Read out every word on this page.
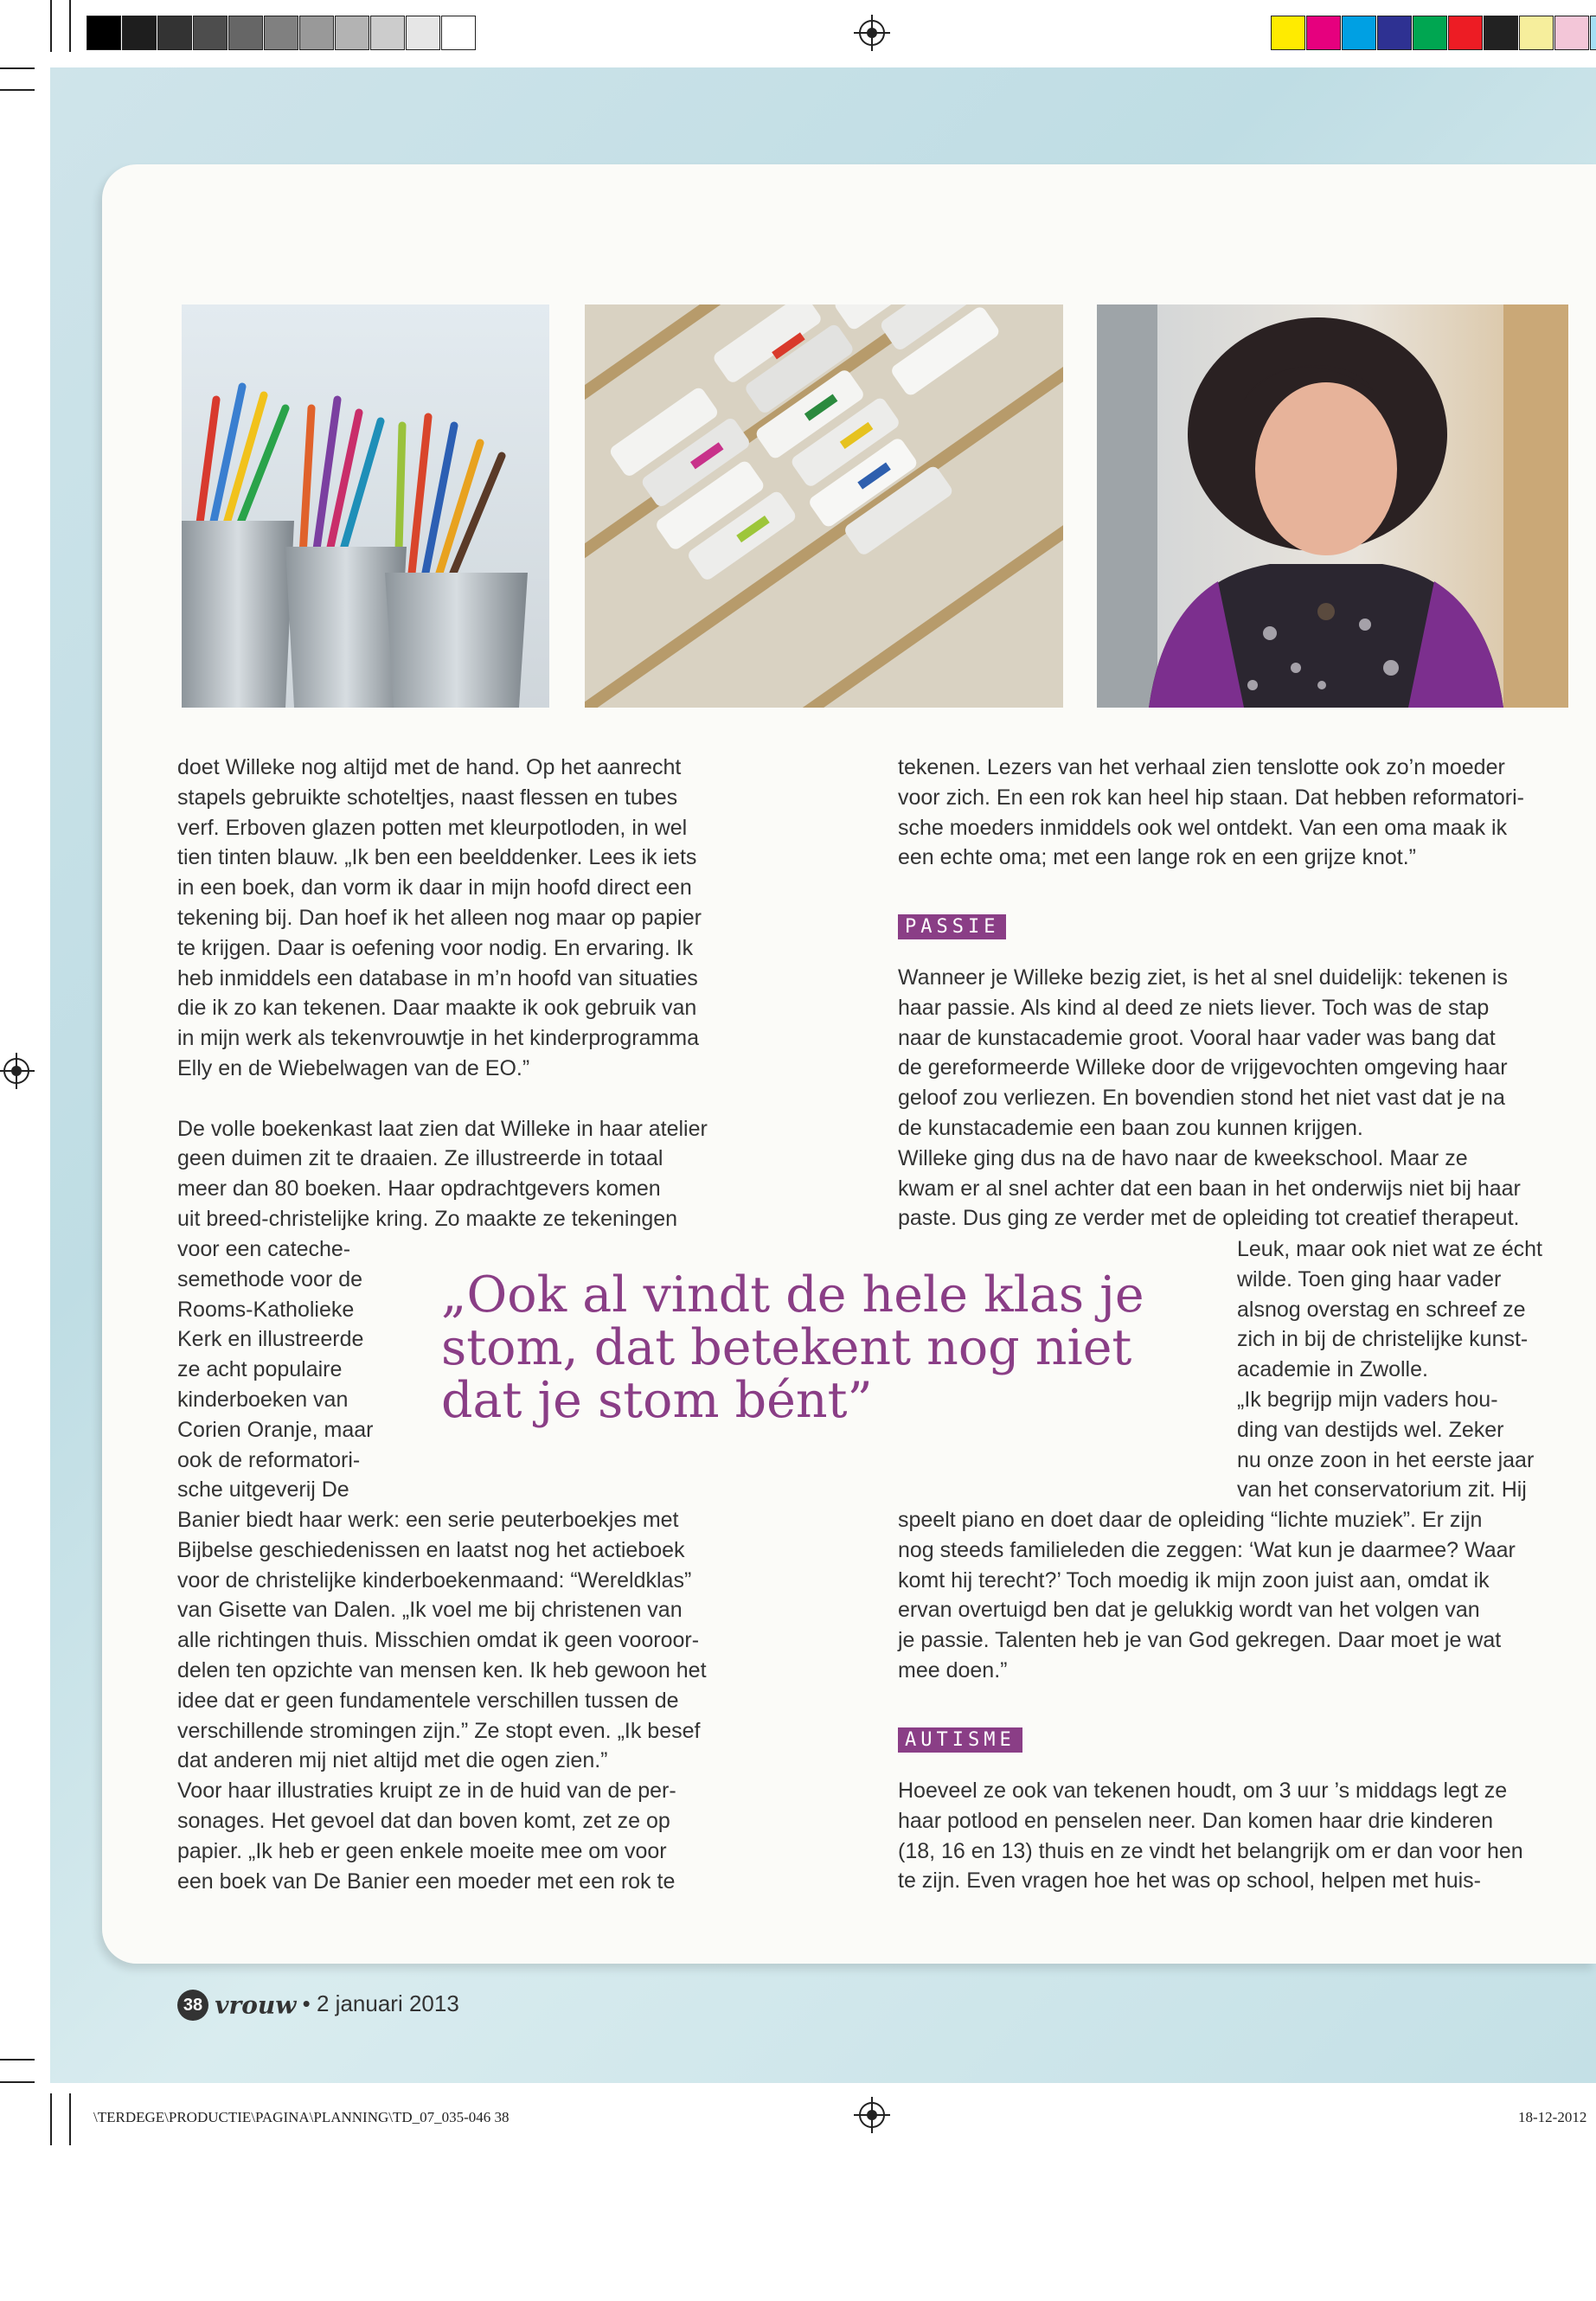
doet Willeke nog altijd met de hand. Op het aanrecht

stapels gebruikte schoteltjes, naast flessen en tubes

verf. Erboven glazen potten met kleurpotloden, in wel

tien tinten blauw. „Ik ben een beelddenker. Lees ik iets

in een boek, dan vorm ik daar in mijn hoofd direct een

tekening bij. Dan hoef ik het alleen nog maar op papier

te krijgen. Daar is oefening voor nodig. En ervaring. Ik

heb inmiddels een database in m’n hoofd van situaties

die ik zo kan tekenen. Daar maakte ik ook gebruik van

in mijn werk als tekenvrouwtje in het kinderprogramma

Elly en de Wiebelwagen van de EO.”

De volle boekenkast laat zien dat Willeke in haar atelier

geen duimen zit te draaien. Ze illustreerde in totaal

meer dan 80 boeken. Haar opdrachtgevers komen

uit breed-christelijke kring. Zo maakte ze tekeningen

voor een cateche-

semethode voor de

Rooms-Katholieke

Kerk en illustreerde

ze acht populaire

kinderboeken van

Corien Oranje, maar

ook de reformatori-

sche uitgeverij De

Banier biedt haar werk: een serie peuterboekjes met

Bijbelse geschiedenissen en laatst nog het actieboek

voor de christelijke kinderboekenmaand: “Wereldklas”

van Gisette van Dalen. „Ik voel me bij christenen van

alle richtingen thuis. Misschien omdat ik geen vooroor-

delen ten opzichte van mensen ken. Ik heb gewoon het

idee dat er geen fundamentele verschillen tussen de

verschillende stromingen zijn.” Ze stopt even. „Ik besef

dat anderen mij niet altijd met die ogen zien.”

Voor haar illustraties kruipt ze in de huid van de per-

sonages. Het gevoel dat dan boven komt, zet ze op

papier. „Ik heb er geen enkele moeite mee om voor

een boek van De Banier een moeder met een rok te

„Ook al vindt de hele klas je
stom, dat betekent nog niet
dat je stom bént”

tekenen. Lezers van het verhaal zien tenslotte ook zo’n moeder

voor zich. En een rok kan heel hip staan. Dat hebben reformatori-

sche moeders inmiddels ook wel ontdekt. Van een oma maak ik

een echte oma; met een lange rok en een grijze knot.”

PASSIE

Wanneer je Willeke bezig ziet, is het al snel duidelijk: tekenen is

haar passie. Als kind al deed ze niets liever. Toch was de stap

naar de kunstacademie groot. Vooral haar vader was bang dat

de gereformeerde Willeke door de vrijgevochten omgeving haar

geloof zou verliezen. En bovendien stond het niet vast dat je na

de kunstacademie een baan zou kunnen krijgen.

Willeke ging dus na de havo naar de kweekschool. Maar ze

kwam er al snel achter dat een baan in het onderwijs niet bij haar

paste. Dus ging ze verder met de opleiding tot creatief therapeut.

Leuk, maar ook niet wat ze écht

wilde. Toen ging haar vader

alsnog overstag en schreef ze

zich in bij de christelijke kunst-

academie in Zwolle.

„Ik begrijp mijn vaders hou-

ding van destijds wel. Zeker

nu onze zoon in het eerste jaar

van het conservatorium zit. Hij

speelt piano en doet daar de opleiding “lichte muziek”. Er zijn

nog steeds familieleden die zeggen: ‘Wat kun je daarmee? Waar

komt hij terecht?’ Toch moedig ik mijn zoon juist aan, omdat ik

ervan overtuigd ben dat je gelukkig wordt van het volgen van

je passie. Talenten heb je van God gekregen. Daar moet je wat

mee doen.”

AUTISME

Hoeveel ze ook van tekenen houdt, om 3 uur ’s middags legt ze

haar potlood en penselen neer. Dan komen haar drie kinderen

(18, 16 en 13) thuis en ze vindt het belangrijk om er dan voor hen

te zijn. Even vragen hoe het was op school, helpen met huis-

38 vrouw • 2 januari 2013
\TERDEGE\PRODUCTIE\PAGINA\PLANNING\TD_07_035-046 38	18-12-2012
